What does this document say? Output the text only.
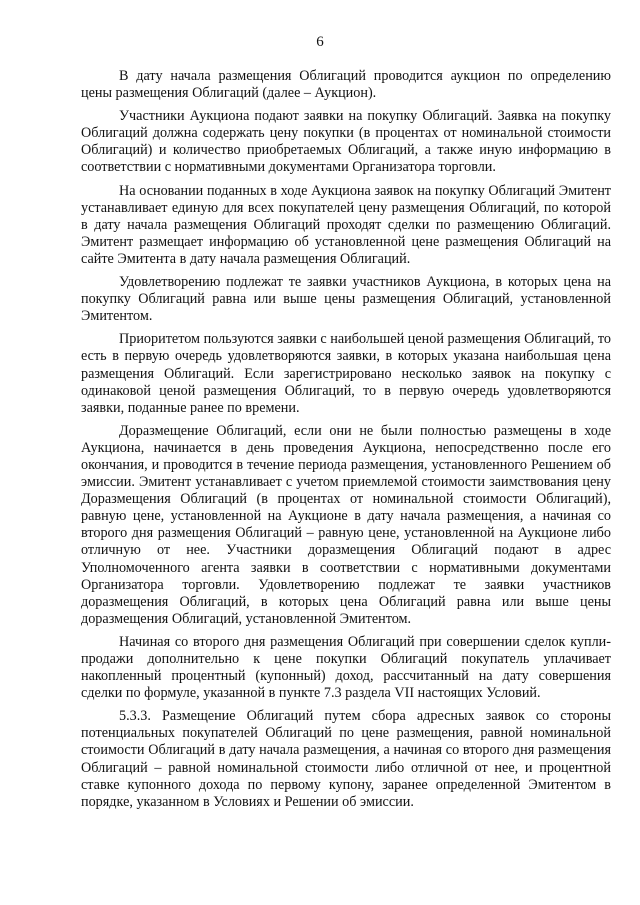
6

В дату начала размещения Облигаций проводится аукцион по определению цены размещения Облигаций (далее – Аукцион).

Участники Аукциона подают заявки на покупку Облигаций. Заявка на покупку Облигаций должна содержать цену покупки (в процентах от номинальной стоимости Облигаций) и количество приобретаемых Облигаций, а также иную информацию в соответствии с нормативными документами Организатора торговли.

На основании поданных в ходе Аукциона заявок на покупку Облигаций Эмитент устанавливает единую для всех покупателей цену размещения Облигаций, по которой в дату начала размещения Облигаций проходят сделки по размещению Облигаций. Эмитент размещает информацию об установленной цене размещения Облигаций на сайте Эмитента в дату начала размещения Облигаций.

Удовлетворению подлежат те заявки участников Аукциона, в которых цена на покупку Облигаций равна или выше цены размещения Облигаций, установленной Эмитентом.

Приоритетом пользуются заявки с наибольшей ценой размещения Облигаций, то есть в первую очередь удовлетворяются заявки, в которых указана наибольшая цена размещения Облигаций. Если зарегистрировано несколько заявок на покупку с одинаковой ценой размещения Облигаций, то в первую очередь удовлетворяются заявки, поданные ранее по времени.

Доразмещение Облигаций, если они не были полностью размещены в ходе Аукциона, начинается в день проведения Аукциона, непосредственно после его окончания, и проводится в течение периода размещения, установленного Решением об эмиссии. Эмитент устанавливает с учетом приемлемой стоимости заимствования цену Доразмещения Облигаций (в процентах от номинальной стоимости Облигаций), равную цене, установленной на Аукционе в дату начала размещения, а начиная со второго дня размещения Облигаций – равную цене, установленной на Аукционе либо отличную от нее. Участники доразмещения Облигаций подают в адрес Уполномоченного агента заявки в соответствии с нормативными документами Организатора торговли. Удовлетворению подлежат те заявки участников доразмещения Облигаций, в которых цена Облигаций равна или выше цены доразмещения Облигаций, установленной Эмитентом.

Начиная со второго дня размещения Облигаций при совершении сделок купли-продажи дополнительно к цене покупки Облигаций покупатель уплачивает накопленный процентный (купонный) доход, рассчитанный на дату совершения сделки по формуле, указанной в пункте 7.3 раздела VII настоящих Условий.

5.3.3. Размещение Облигаций путем сбора адресных заявок со стороны потенциальных покупателей Облигаций по цене размещения, равной номинальной стоимости Облигаций в дату начала размещения, а начиная со второго дня размещения Облигаций – равной номинальной стоимости либо отличной от нее, и процентной ставке купонного дохода по первому купону, заранее определенной Эмитентом в порядке, указанном в Условиях и Решении об эмиссии.
